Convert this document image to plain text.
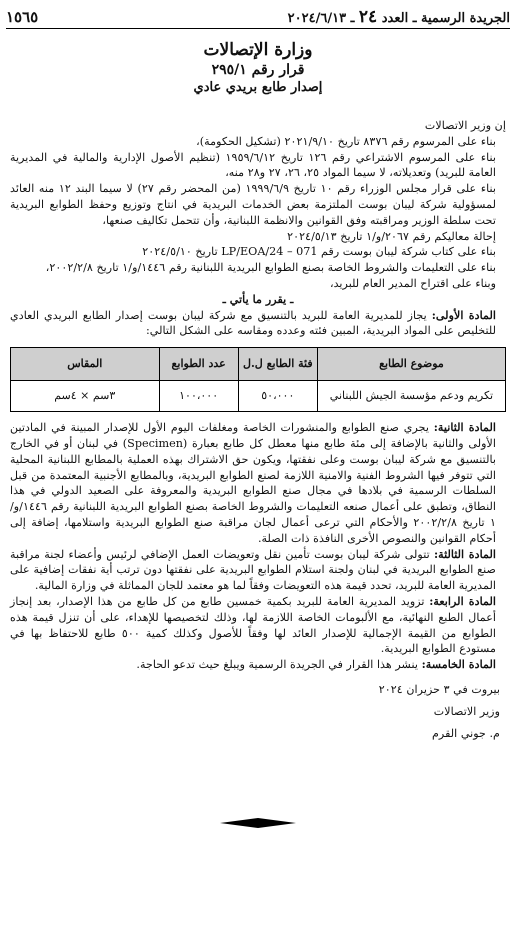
الجريدة الرسمية ـ العدد ٢٤ ـ ٢٠٢٤/٦/١٣
١٥٦٥
وزارة الإتصالات
قرار رقم ٢٩٥/١
إصدار طابع بريدي عادي

إن وزير الاتصالات

بناء على المرسوم رقم ٨٣٧٦ تاريخ ٢٠٢١/٩/١٠ (تشكيل الحكومة)،

بناء على المرسوم الاشتراعي رقم ١٢٦ تاريخ ١٩٥٩/٦/١٢ (تنظيم الأصول الإدارية والمالية في المديرية العامة للبريد) وتعديلاته، لا سيما المواد ٢٥، ٢٦، ٢٧ و٢٨ منه،

بناء على قرار مجلس الوزراء رقم ١٠ تاريخ ١٩٩٩/٦/٩ (من المحضر رقم ٢٧) لا سيما البند ١٢ منه العائد لمسؤولية شركة ليبان بوست الملتزمة بعض الخدمات البريدية في انتاج وتوزيع وحفظ الطوابع البريدية تحت سلطة الوزير ومراقبته وفق القوانين والانظمة اللبنانية، وأن تتحمل تكاليف صنعها،

إحالة معاليكم رقم ٢٠٦٧/و/١ تاريخ ٢٠٢٤/٥/١٣

بناء على كتاب شركة ليبان بوست رقم 071 – LP/EOA/24 تاريخ ٢٠٢٤/٥/١٠

بناء على التعليمات والشروط الخاصة بصنع الطوابع البريدية اللبنانية رقم ١٤٤٦/و/١ تاريخ ٢٠٠٢/٢/٨،

وبناء على اقتراح المدير العام للبريد،

ـ يقرر ما يأتي ـ

المادة الأولى: يجاز للمديرية العامة للبريد بالتنسيق مع شركة ليبان بوست إصدار الطابع البريدي العادي للتخليص على المواد البريدية، المبين فئته وعدده ومقاسه على الشكل التالي:

موضوع الطابع	فئة الطابع ل.ل	عدد الطوابع	المقاس
تكريم ودعم مؤسسة الجيش اللبناني	٥٠،٠٠٠	١٠٠،٠٠٠	٣سم × ٤سم

المادة الثانية: يجري صنع الطوابع والمنشورات الخاصة ومغلفات اليوم الأول للإصدار المبينة في المادتين الأولى والثانية بالإضافة إلى مئة طابع منها معطل كل طابع بعبارة (Specimen) في لبنان أو في الخارج بالتنسيق مع شركة ليبان بوست وعلى نفقتها، ويكون حق الاشتراك بهذه العملية بالمطابع اللبنانية المحلية التي تتوفر فيها الشروط الفنية والامنية اللازمة لصنع الطوابع البريدية، وبالمطابع الأجنبية المعتمدة من قبل السلطات الرسمية في بلادها في مجال صنع الطوابع البريدية والمعروفة على الصعيد الدولي في هذا النطاق، وتطبق على أعمال صنعه التعليمات والشروط الخاصة بصنع الطوابع البريدية اللبنانية رقم ١٤٤٦/و/١ تاريخ ٢٠٠٢/٢/٨ والأحكام التي ترعى أعمال لجان مراقبة صنع الطوابع البريدية واستلامها، إضافة إلى أحكام القوانين والنصوص الأخرى النافذة ذات الصلة.

المادة الثالثة: تتولى شركة ليبان بوست تأمين نقل وتعويضات العمل الإضافي لرئيس وأعضاء لجنة مراقبة صنع الطوابع البريدية في لبنان ولجنة استلام الطوابع البريدية على نفقتها دون ترتب أية نفقات إضافية على المديرية العامة للبريد، تحدد قيمة هذه التعويضات وفقاً لما هو معتمد للجان المماثلة في وزارة المالية.

المادة الرابعة: تزويد المديرية العامة للبريد بكمية خمسين طابع من كل طابع من هذا الإصدار، بعد إنجاز أعمال الطبع النهائية، مع الألبومات الخاصة اللازمة لها، وذلك لتخصيصها للإهداء، على أن تنزل قيمة هذه الطوابع من القيمة الإجمالية للإصدار العائد لها وفقاً للأصول وكذلك كمية ٥٠٠ طابع للاحتفاظ بها في مستودع الطوابع البريدية.

المادة الخامسة: ينشر هذا القرار في الجريدة الرسمية ويبلغ حيث تدعو الحاجة.

بيروت في ٣ حزيران ٢٠٢٤
وزير الاتصالات
م. جوني القرم
